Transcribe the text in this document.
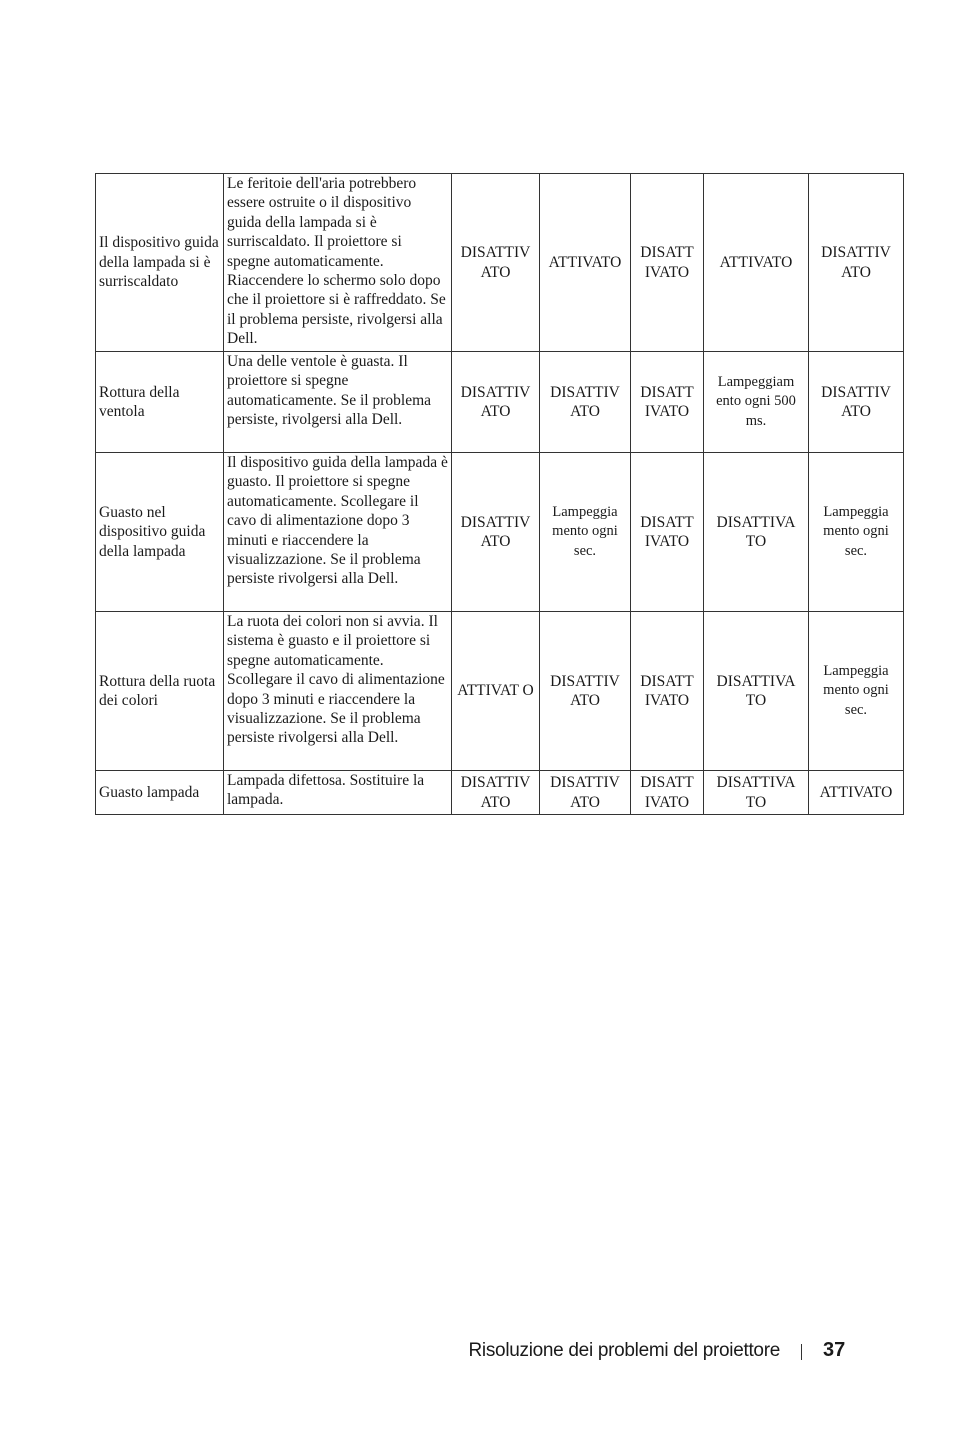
Il dispositivo guida della lampada si è surriscaldato	Le feritoie dell'aria potrebbero essere ostruite o il dispositivo guida della lampada si è surriscaldato. Il proiettore si spegne automaticamente. Riaccendere lo schermo solo dopo che il proiettore si è raffreddato. Se il problema persiste, rivolgersi alla Dell.	DISATTIV ATO	ATTIVATO	DISATT IVATO	ATTIVATO	DISATTIV ATO
Rottura della ventola	Una delle ventole è guasta. Il proiettore si spegne automaticamente. Se il problema persiste, rivolgersi alla Dell.	DISATTIV ATO	DISATTIV ATO	DISATT IVATO	Lampeggiam ento ogni 500 ms.	DISATTIV ATO
Guasto nel dispositivo guida della lampada	Il dispositivo guida della lampada è guasto. Il proiettore si spegne automaticamente. Scollegare il cavo di alimentazione dopo 3 minuti e riaccendere la visualizzazione. Se il problema persiste rivolgersi alla Dell.	DISATTIV ATO	Lampeggia mento ogni sec.	DISATT IVATO	DISATTIVA TO	Lampeggia mento ogni sec.
Rottura della ruota dei colori	La ruota dei colori non si avvia. Il sistema è guasto e il proiettore si spegne automaticamente. Scollegare il cavo di alimentazione dopo 3 minuti e riaccendere la visualizzazione. Se il problema persiste rivolgersi alla Dell.	ATTIVAT O	DISATTIV ATO	DISATT IVATO	DISATTIVA TO	Lampeggia mento ogni sec.
Guasto lampada	Lampada difettosa. Sostituire la lampada.	DISATTIV ATO	DISATTIV ATO	DISATT IVATO	DISATTIVA TO	ATTIVATO
Risoluzione dei problemi del proiettore 37
